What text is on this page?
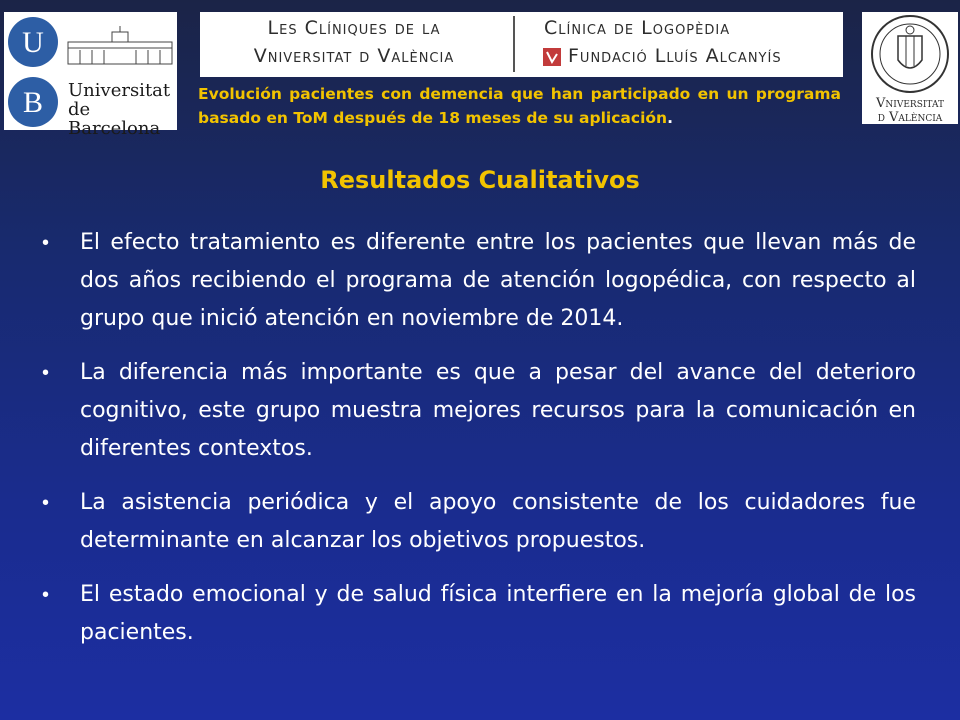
U
B Universitat
de Barcelona
Les Clíniques de la
Vniversitat d València
Clínica de Logopèdia
Fundació Lluís Alcanyís
Vniversitat
d València
Evolución pacientes con demencia que han participado en un programa basado en ToM después de 18 meses de su aplicación.
Resultados Cualitativos
• El efecto tratamiento es diferente entre los pacientes que llevan más de dos años recibiendo el programa de atención logopédica, con respecto al grupo que inició atención en noviembre de 2014.
• La diferencia más importante es que a pesar del avance del deterioro cognitivo, este grupo muestra mejores recursos para la comunicación en diferentes contextos.
• La asistencia periódica y el apoyo consistente de los cuidadores fue determinante en alcanzar los objetivos propuestos.
• El estado emocional y de salud física interfiere en la mejoría global de los pacientes.
